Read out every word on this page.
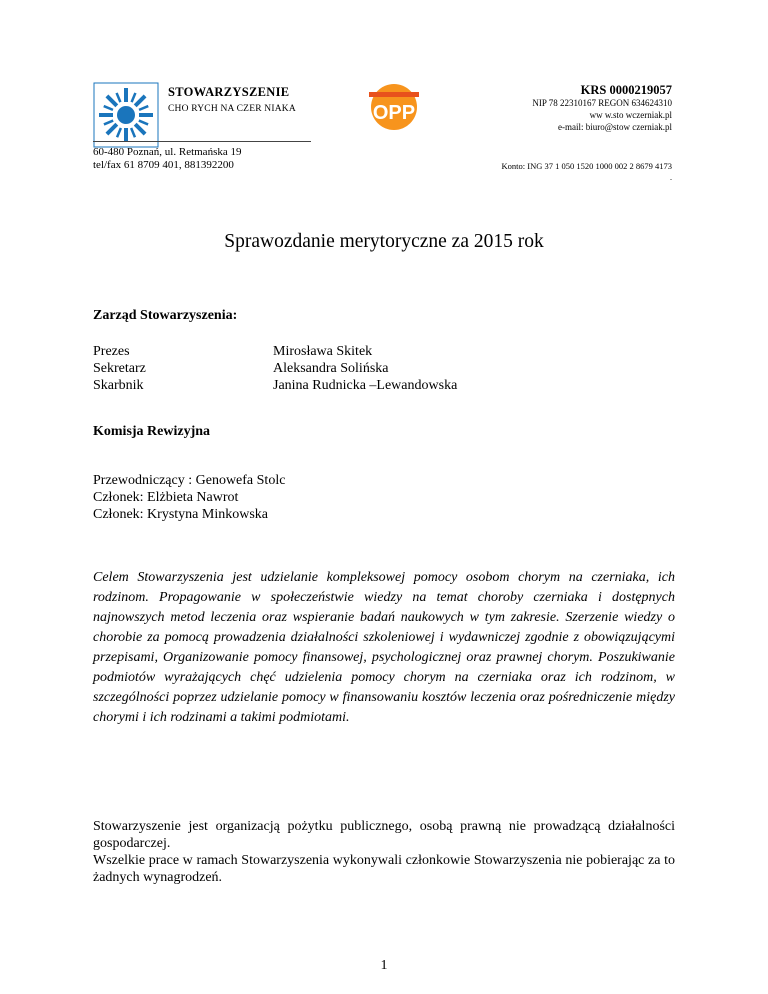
STOWARZYSZENIE
CHO RYCH NA CZER NIAKA
60-480 Poznań, ul. Retmańska 19
tel/fax 61 8709 401, 881392200
OPP
KRS 0000219057
NIP 78 22310167 REGON 634624310
ww w.sto wczerniak.pl
e-mail: biuro@stow czerniak.pl
Konto: ING 37 1 050 1520 1000 002 2 8679 4173
.
Sprawozdanie merytoryczne za 2015 rok
Zarząd Stowarzyszenia:
Prezes
Sekretarz
Skarbnik
Mirosława Skitek
Aleksandra Solińska
Janina Rudnicka –Lewandowska
Komisja Rewizyjna
Przewodniczący : Genowefa Stolc
Członek: Elżbieta Nawrot
Członek: Krystyna Minkowska
Celem Stowarzyszenia jest udzielanie kompleksowej pomocy osobom chorym na czerniaka, ich rodzinom. Propagowanie w społeczeństwie wiedzy na temat choroby czerniaka i dostępnych najnowszych metod leczenia oraz wspieranie badań naukowych w tym zakresie. Szerzenie wiedzy o chorobie za pomocą prowadzenia działalności szkoleniowej i wydawniczej zgodnie z obowiązującymi przepisami, Organizowanie pomocy finansowej, psychologicznej oraz prawnej chorym. Poszukiwanie podmiotów wyrażających chęć udzielenia pomocy chorym na czerniaka oraz ich rodzinom, w szczególności poprzez udzielanie pomocy w finansowaniu kosztów leczenia oraz pośredniczenie między chorymi i ich rodzinami a takimi podmiotami.
Stowarzyszenie jest organizacją pożytku publicznego, osobą prawną nie prowadzącą działalności gospodarczej.
Wszelkie prace w ramach Stowarzyszenia wykonywali członkowie Stowarzyszenia nie pobierając za to żadnych wynagrodzeń.
1
